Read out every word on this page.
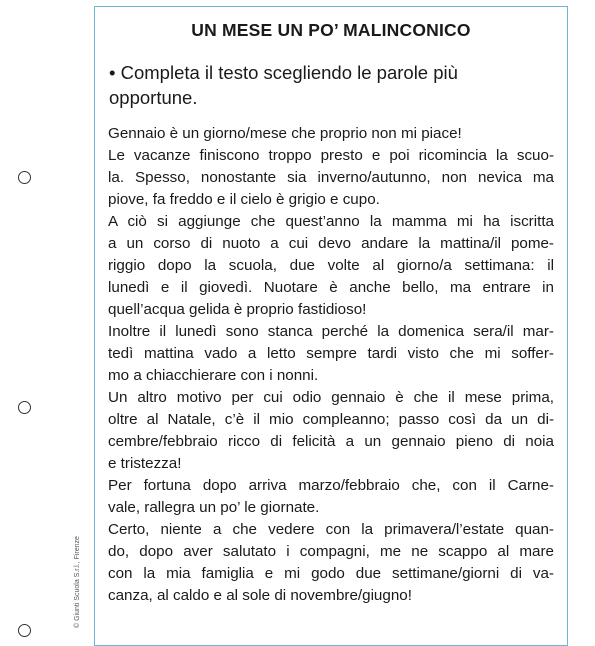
© Giunti Scuola S.r.l., Firenze
UN MESE UN PO’ MALINCONICO

• Completa il testo scegliendo le parole più opportune.

Gennaio è un giorno/mese che proprio non mi piace!
Le vacanze finiscono troppo presto e poi ricomincia la scuo-
la. Spesso, nonostante sia inverno/autunno, non nevica ma
piove, fa freddo e il cielo è grigio e cupo.
A ciò si aggiunge che quest’anno la mamma mi ha iscritta
a un corso di nuoto a cui devo andare la mattina/il pome-
riggio dopo la scuola, due volte al giorno/a settimana: il
lunedì e il giovedì. Nuotare è anche bello, ma entrare in
quell’acqua gelida è proprio fastidioso!
Inoltre il lunedì sono stanca perché la domenica sera/il mar-
tedì mattina vado a letto sempre tardi visto che mi soffer-
mo a chiacchierare con i nonni.
Un altro motivo per cui odio gennaio è che il mese prima,
oltre al Natale, c’è il mio compleanno; passo così da un di-
cembre/febbraio ricco di felicità a un gennaio pieno di noia
e tristezza!
Per fortuna dopo arriva marzo/febbraio che, con il Carne-
vale, rallegra un po’ le giornate.
Certo, niente a che vedere con la primavera/l’estate quan-
do, dopo aver salutato i compagni, me ne scappo al mare
con la mia famiglia e mi godo due settimane/giorni di va-
canza, al caldo e al sole di novembre/giugno!
